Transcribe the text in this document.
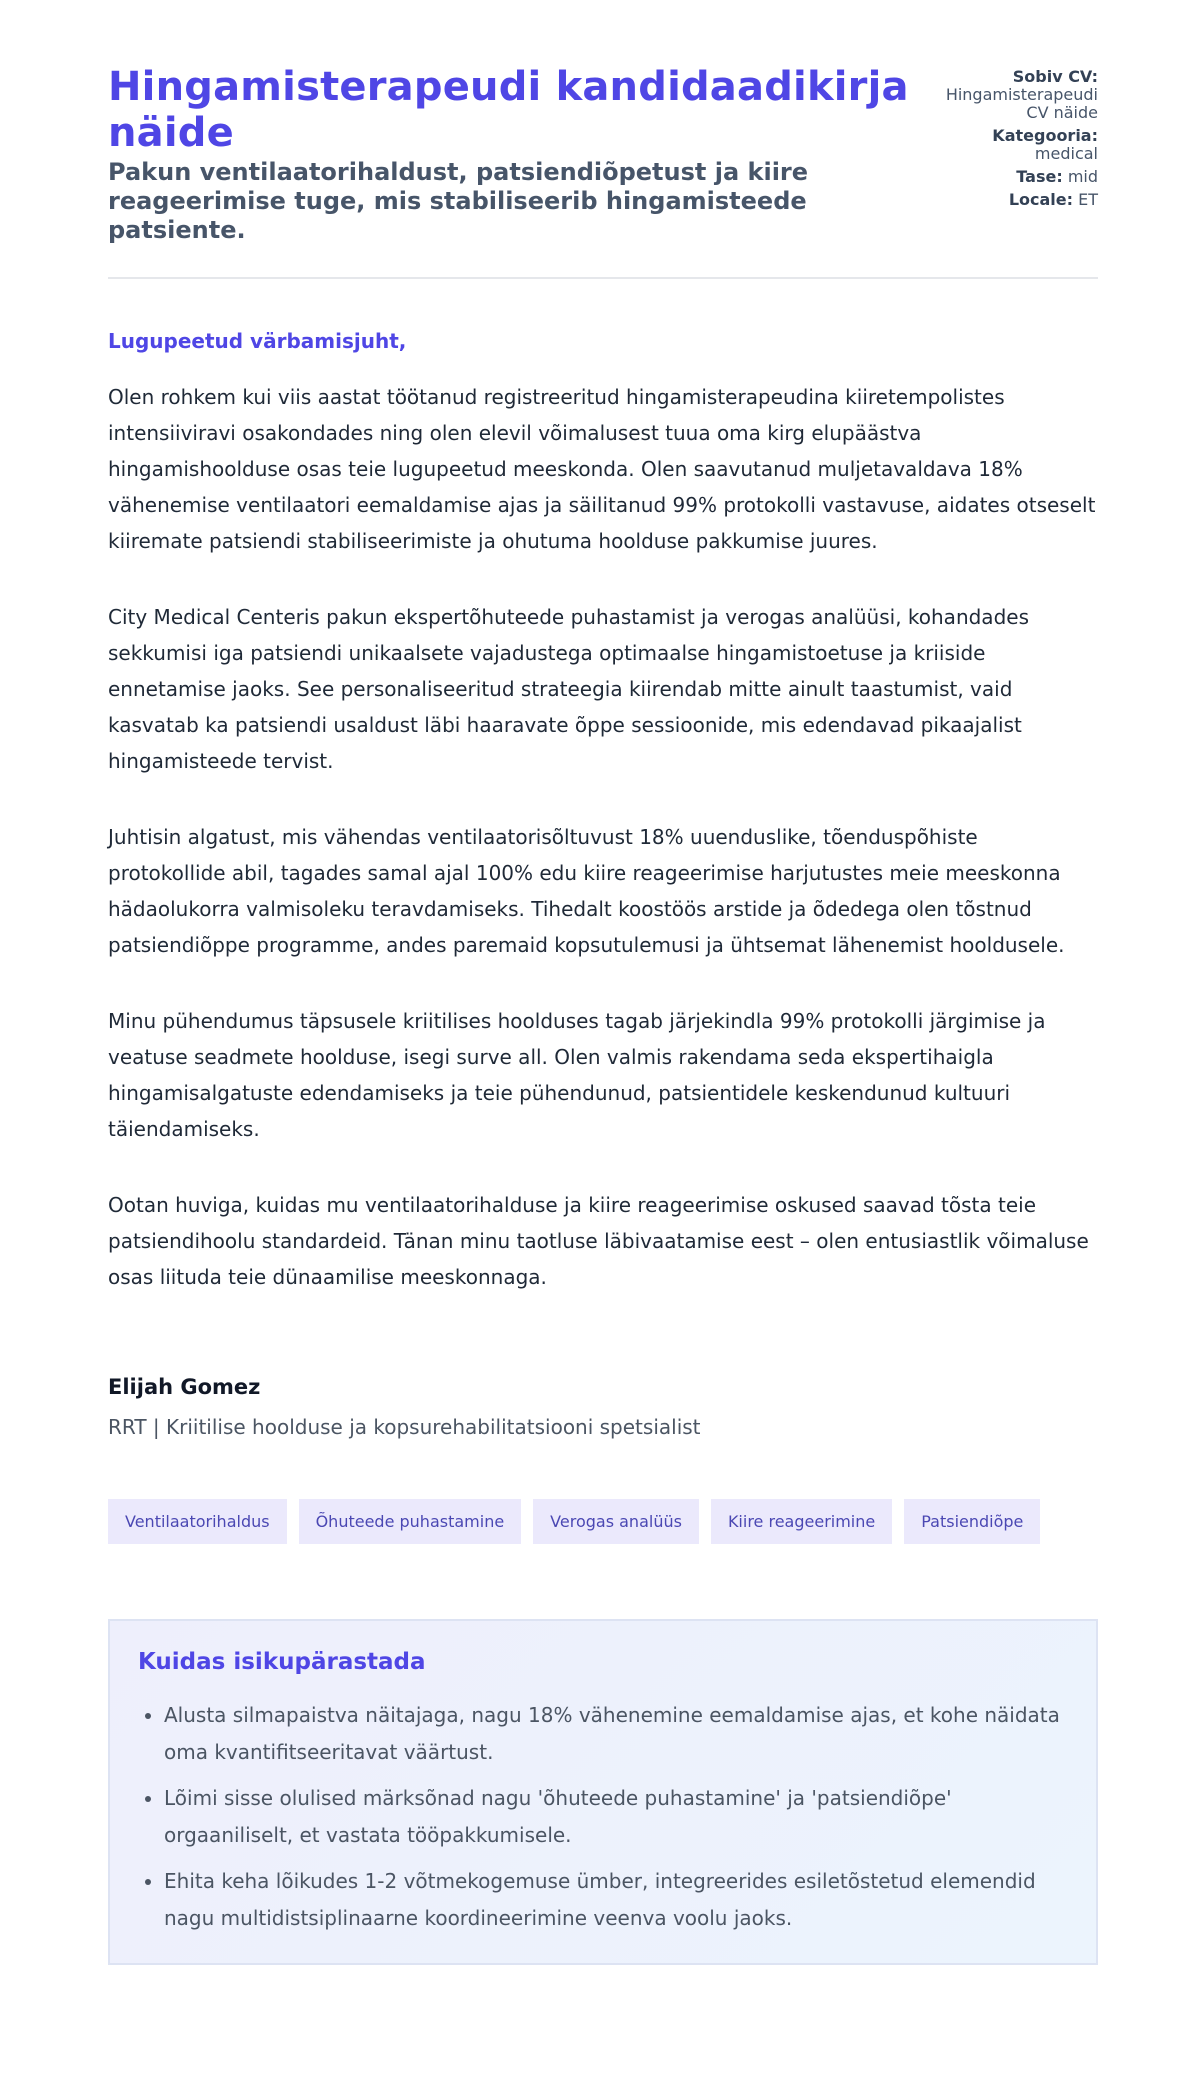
Hingamisterapeudi kandidaadikirja näide
Pakun ventilaatorihaldust, patsiendiõpetust ja kiire reageerimise tuge, mis stabiliseerib hingamisteede patsiente.
Sobiv CV:
Hingamisterapeudi CV näide
Kategooria:
medical
Tase: mid
Locale: ET

Lugupeetud värbamisjuht,

Olen rohkem kui viis aastat töötanud registreeritud hingamisterapeudina kiiretempolistes intensiiviravi osakondades ning olen elevil võimalusest tuua oma kirg elupäästva hingamishoolduse osas teie lugupeetud meeskonda. Olen saavutanud muljetavaldava 18% vähenemise ventilaatori eemaldamise ajas ja säilitanud 99% protokolli vastavuse, aidates otseselt kiiremate patsiendi stabiliseerimiste ja ohutuma hoolduse pakkumise juures.

City Medical Centeris pakun ekspertõhuteede puhastamist ja verogas analüüsi, kohandades sekkumisi iga patsiendi unikaalsete vajadustega optimaalse hingamistoetuse ja kriiside ennetamise jaoks. See personaliseeritud strateegia kiirendab mitte ainult taastumist, vaid kasvatab ka patsiendi usaldust läbi haaravate õppe sessioonide, mis edendavad pikaajalist hingamisteede tervist.

Juhtisin algatust, mis vähendas ventilaatorisõltuvust 18% uuenduslike, tõenduspõhiste protokollide abil, tagades samal ajal 100% edu kiire reageerimise harjutustes meie meeskonna hädaolukorra valmisoleku teravdamiseks. Tihedalt koostöös arstide ja õdedega olen tõstnud patsiendiõppe programme, andes paremaid kopsutulemusi ja ühtsemat lähenemist hooldusele.

Minu pühendumus täpsusele kriitilises hoolduses tagab järjekindla 99% protokolli järgimise ja veatuse seadmete hoolduse, isegi surve all. Olen valmis rakendama seda ekspertihaigla hingamisalgatuste edendamiseks ja teie pühendunud, patsientidele keskendunud kultuuri täiendamiseks.

Ootan huviga, kuidas mu ventilaatorihalduse ja kiire reageerimise oskused saavad tõsta teie patsiendihoolu standardeid. Tänan minu taotluse läbivaatamise eest – olen entusiastlik võimaluse osas liituda teie dünaamilise meeskonnaga.

Elijah Gomez
RRT | Kriitilise hoolduse ja kopsurehabilitatsiooni spetsialist
Ventilaatorihaldus	Õhuteede puhastamine	Verogas analüüs	Kiire reageerimine	Patsiendiõpe
Kuidas isikupärastada
• Alusta silmapaistva näitajaga, nagu 18% vähenemine eemaldamise ajas, et kohe näidata oma kvantifitseeritavat väärtust.
• Lõimi sisse olulised märksõnad nagu 'õhuteede puhastamine' ja 'patsiendiõpe' orgaaniliselt, et vastata tööpakkumisele.
• Ehita keha lõikudes 1-2 võtmekogemuse ümber, integreerides esiletõstetud elemendid nagu multidistsiplinaarne koordineerimine veenva voolu jaoks.
